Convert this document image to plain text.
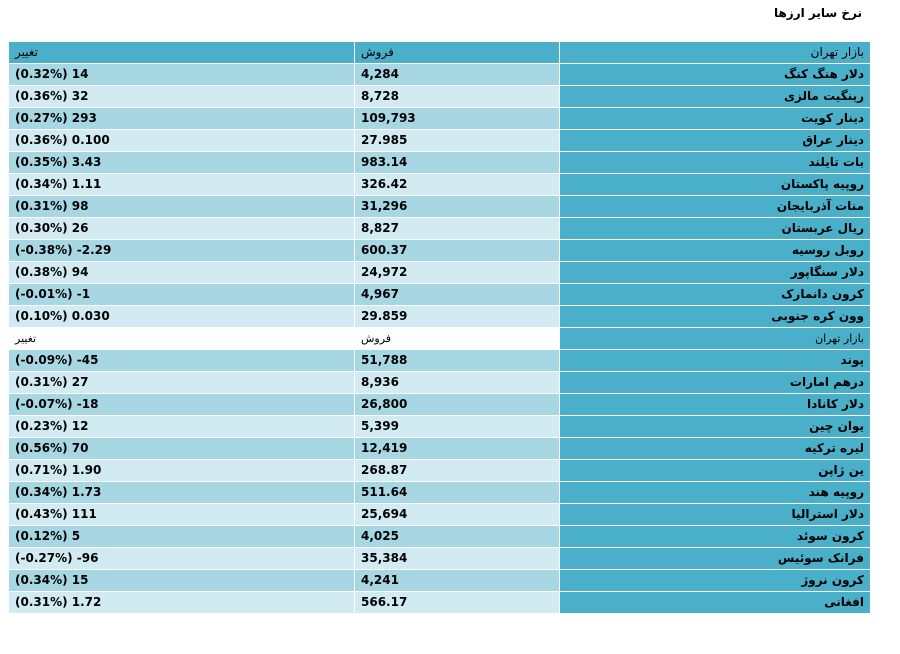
نرخ سایر ارزها
تغییر	فروش	بازار تهران
(0.32%) 14	4,284	دلار هنگ کنگ
(0.36%) 32	8,728	رینگیت مالزی
(0.27%) 293	109,793	دینار کویت
(0.36%) 0.100	27.985	دینار عراق
(0.35%) 3.43	983.14	بات تایلند
(0.34%) 1.11	326.42	روپیه پاکستان
(0.31%) 98	31,296	منات آذربایجان
(0.30%) 26	8,827	ریال عربستان
(-0.38%) -2.29	600.37	روبل روسیه
(0.38%) 94	24,972	دلار سنگاپور
(-0.01%) -1	4,967	کرون دانمارک
(0.10%) 0.030	29.859	وون کره جنوبی
تغییر	فروش	بازار تهران
(-0.09%) -45	51,788	پوند
(0.31%) 27	8,936	درهم امارات
(-0.07%) -18	26,800	دلار کانادا
(0.23%) 12	5,399	یوان چین
(0.56%) 70	12,419	لیره ترکیه
(0.71%) 1.90	268.87	ین ژاپن
(0.34%) 1.73	511.64	روپیه هند
(0.43%) 111	25,694	دلار استرالیا
(0.12%) 5	4,025	کرون سوئد
(-0.27%) -96	35,384	فرانک سوئیس
(0.34%) 15	4,241	کرون نروژ
(0.31%) 1.72	566.17	افغانی
